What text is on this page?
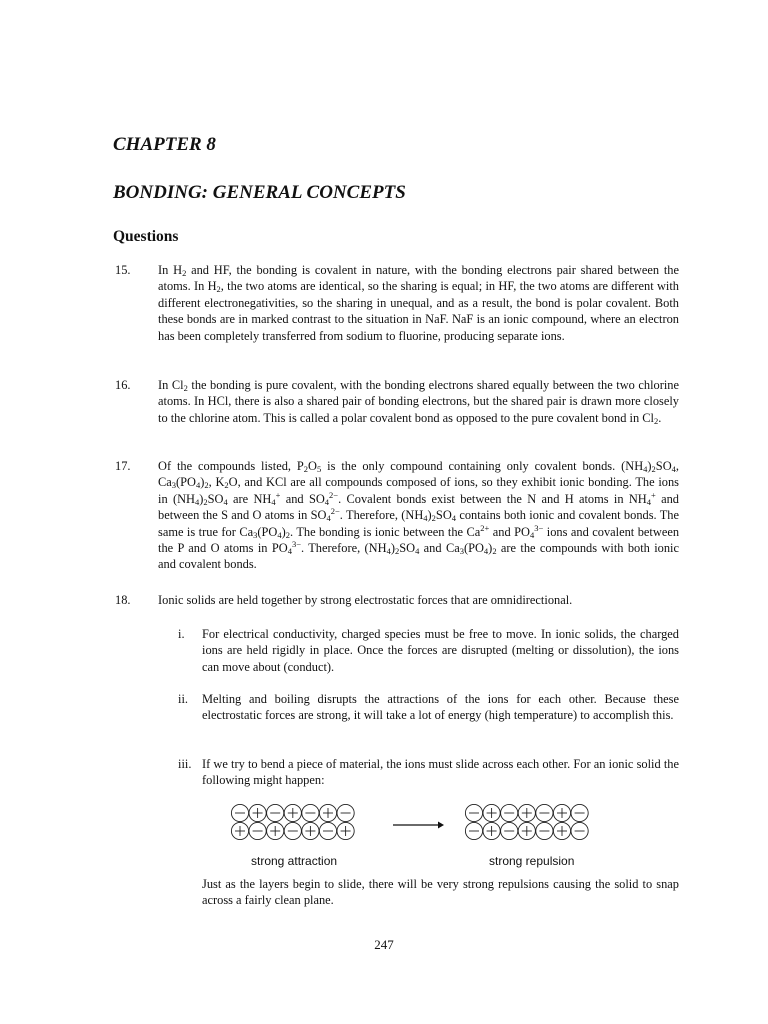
CHAPTER 8
BONDING: GENERAL CONCEPTS
Questions
15. In $H_2$ and HF, the bonding is covalent in nature, with the bonding electrons pair shared between the atoms. In $H_2$, the two atoms are identical, so the sharing is equal; in HF, the two atoms are different with different electronegativities, so the sharing in unequal, and as a result, the bond is polar covalent. Both these bonds are in marked contrast to the situation in NaF. NaF is an ionic compound, where an electron has been completely transferred from sodium to fluorine, producing separate ions.
16. In $Cl_2$ the bonding is pure covalent, with the bonding electrons shared equally between the two chlorine atoms. In HCl, there is also a shared pair of bonding electrons, but the shared pair is drawn more closely to the chlorine atom. This is called a polar covalent bond as opposed to the pure covalent bond in $Cl_2$.
17. Of the compounds listed, $P_2O_5$ is the only compound containing only covalent bonds. $(NH_4)_2SO_4$, $Ca_3(PO_4)_2$, $K_2O$, and KCl are all compounds composed of ions, so they exhibit ionic bonding. The ions in $(NH_4)_2SO_4$ are $NH_4^+$ and $SO_4^{2-}$. Covalent bonds exist between the N and H atoms in $NH_4^+$ and between the S and O atoms in $SO_4^{2-}$. Therefore, $(NH_4)_2SO_4$ contains both ionic and covalent bonds. The same is true for $Ca_3(PO_4)_2$. The bonding is ionic between the $Ca^{2+}$ and $PO_4^{3-}$ ions and covalent between the P and O atoms in $PO_4^{3-}$. Therefore, $(NH_4)_2SO_4$ and $Ca_3(PO_4)_2$ are the compounds with both ionic and covalent bonds.
18. Ionic solids are held together by strong electrostatic forces that are omnidirectional.
i. For electrical conductivity, charged species must be free to move. In ionic solids, the charged ions are held rigidly in place. Once the forces are disrupted (melting or dissolution), the ions can move about (conduct).
ii. Melting and boiling disrupts the attractions of the ions for each other. Because these electrostatic forces are strong, it will take a lot of energy (high temperature) to accomplish this.
iii. If we try to bend a piece of material, the ions must slide across each other. For an ionic solid the following might happen:
strong attraction	strong repulsion
Just as the layers begin to slide, there will be very strong repulsions causing the solid to snap across a fairly clean plane.
247
